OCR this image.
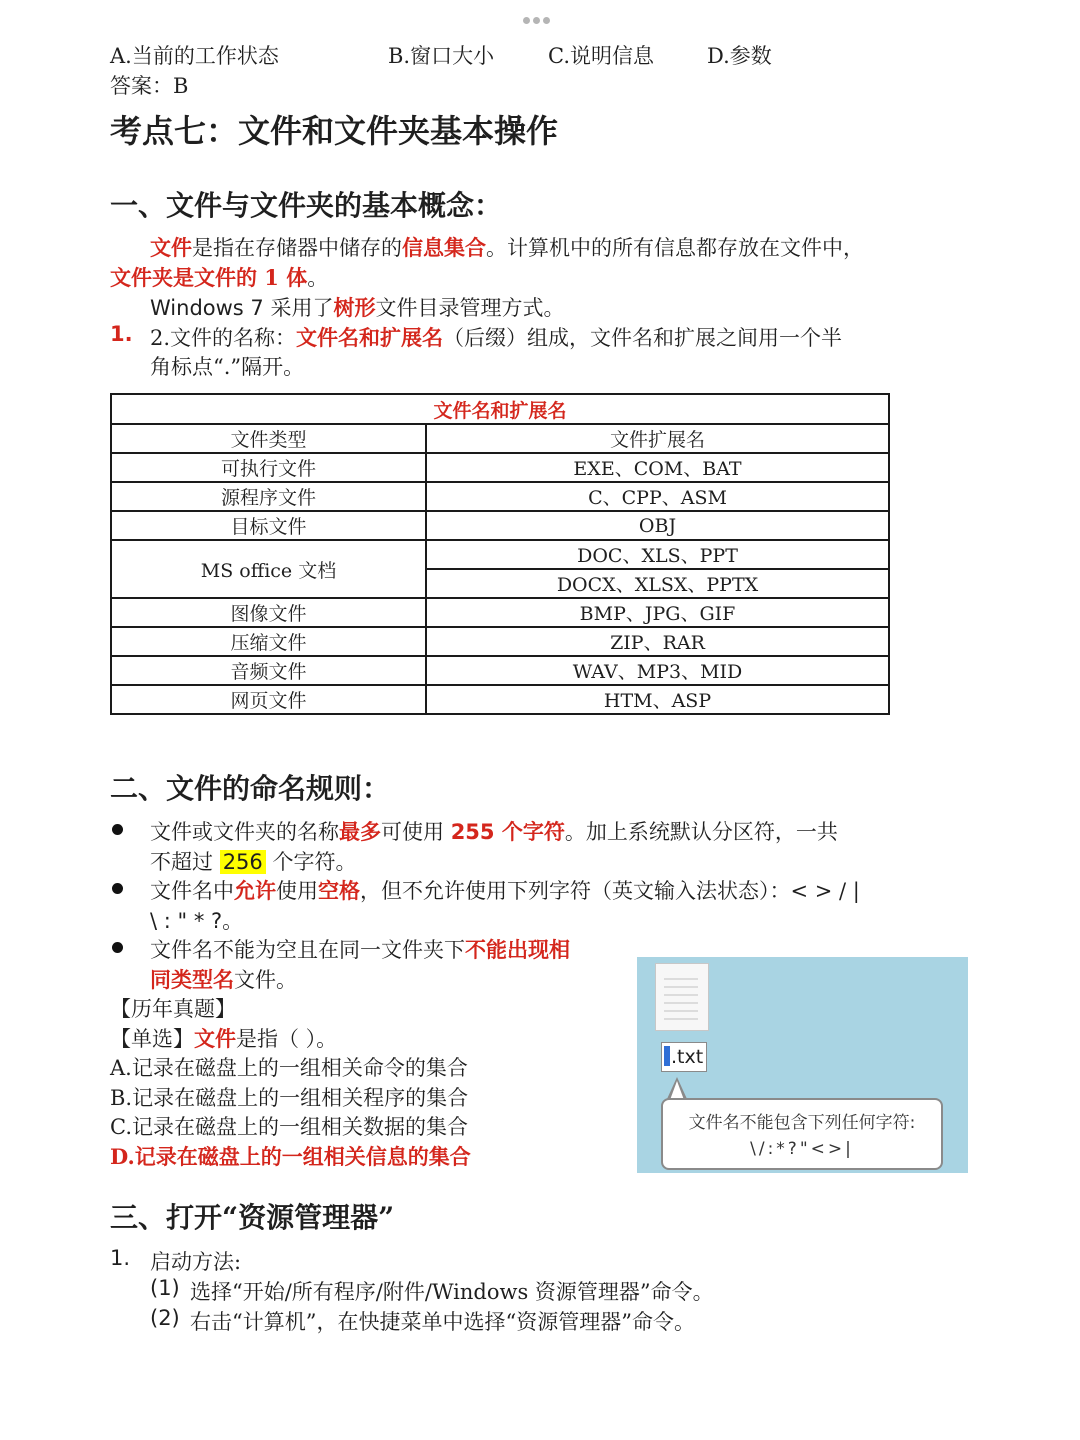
A.当前的工作状态	B.窗口大小	C.说明信息	D.参数
答案：B
考点七：文件和文件夹基本操作
一、文件与文件夹的基本概念：
文件是指在存储器中储存的信息集合。计算机中的所有信息都存放在文件中，
文件夹是文件的 1 体。
Windows 7 采用了树形文件目录管理方式。
1. 2.文件的名称：文件名和扩展名（后缀）组成，文件名和扩展之间用一个半
角标点“.”隔开。
文件名和扩展名	
文件类型	文件扩展名
可执行文件	EXE、COM、BAT
源程序文件	C、CPP、ASM
目标文件	OBJ
MS office 文档	DOC、XLS、PPT
	DOCX、XLSX、PPTX
图像文件	BMP、JPG、GIF
压缩文件	ZIP、RAR
音频文件	WAV、MP3、MID
网页文件	HTM、ASP
二、文件的命名规则：
文件或文件夹的名称最多可使用 255 个字符。加上系统默认分区符，一共
不超过 256 个字符。
文件名中允许使用空格，但不允许使用下列字符（英文输入法状态）：< > / |
\ : " * ?。
文件名不能为空且在同一文件夹下不能出现相
同类型名文件。
【历年真题】
【单选】文件是指（ ）。
A.记录在磁盘上的一组相关命令的集合
B.记录在磁盘上的一组相关程序的集合
C.记录在磁盘上的一组相关数据的集合
D.记录在磁盘上的一组相关信息的集合
.txt
文件名不能包含下列任何字符:
\/:*?"<>|
三、打开“资源管理器”
1. 启动方法:
(1) 选择“开始/所有程序/附件/Windows 资源管理器”命令。
(2) 右击“计算机”，在快捷菜单中选择“资源管理器”命令。
